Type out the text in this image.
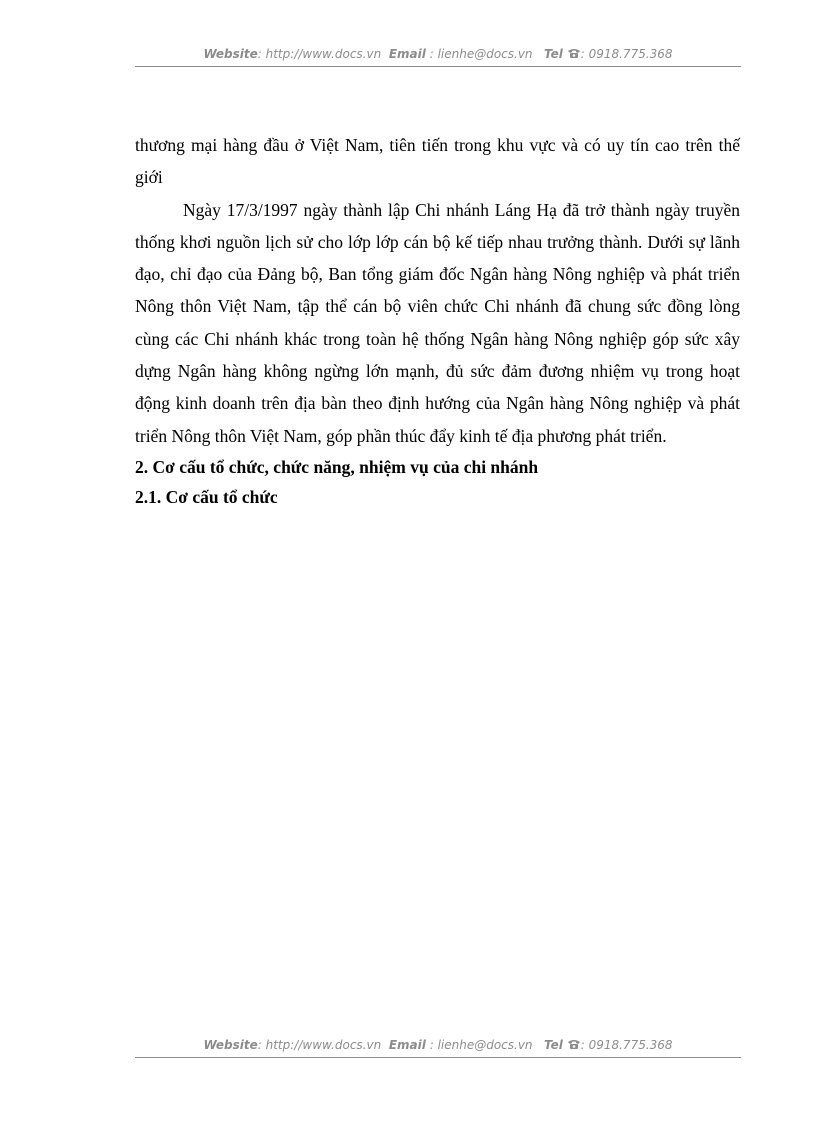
Website: http://www.docs.vn Email : lienhe@docs.vn Tel : 0918.775.368

thương mại hàng đầu ở Việt Nam, tiên tiến trong khu vực và có uy tín cao trên thế giới

Ngày 17/3/1997 ngày thành lập Chi nhánh Láng Hạ đã trở thành ngày truyền thống khơi nguồn lịch sử cho lớp lớp cán bộ kế tiếp nhau trưởng thành. Dưới sự lãnh đạo, chỉ đạo của Đảng bộ, Ban tổng giám đốc Ngân hàng Nông nghiệp và phát triển Nông thôn Việt Nam, tập thể cán bộ viên chức Chi nhánh đã chung sức đồng lòng cùng các Chi nhánh khác trong toàn hệ thống Ngân hàng Nông nghiệp góp sức xây dựng Ngân hàng không ngừng lớn mạnh, đủ sức đảm đương nhiệm vụ trong hoạt động kinh doanh trên địa bàn theo định hướng của Ngân hàng Nông nghiệp và phát triển Nông thôn Việt Nam, góp phần thúc đẩy kinh tế địa phương phát triển.

2. Cơ cấu tổ chức, chức năng, nhiệm vụ của chi nhánh

2.1. Cơ cấu tổ chức

Website: http://www.docs.vn Email : lienhe@docs.vn Tel : 0918.775.368
